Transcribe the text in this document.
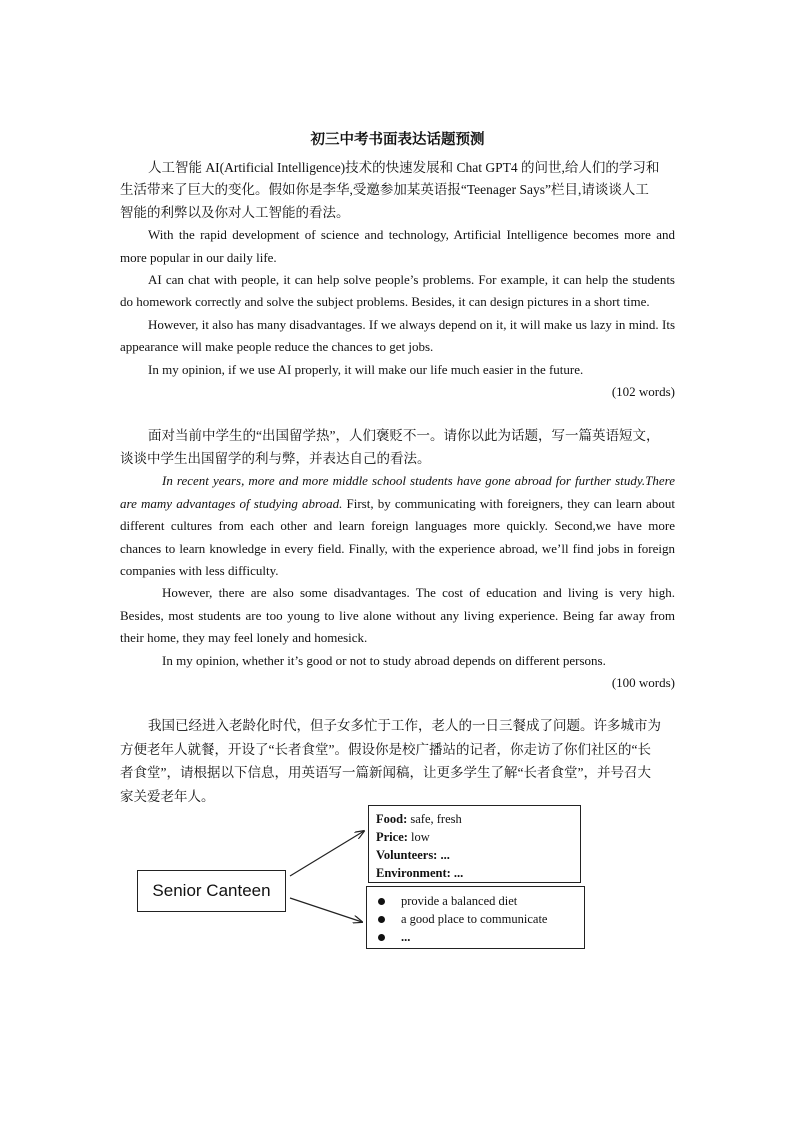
初三中考书面表达话题预测

人工智能 AI(Artificial Intelligence)技术的快速发展和 Chat GPT4 的问世,给人们的学习和

生活带来了巨大的变化。假如你是李华,受邀参加某英语报“Teenager Says”栏目,请谈谈人工

智能的利弊以及你对人工智能的看法。

With the rapid development of science and technology, Artificial Intelligence becomes more and more popular in our daily life.

AI can chat with people, it can help solve people’s problems. For example, it can help the students do homework correctly and solve the subject problems. Besides, it can design pictures in a short time.

However, it also has many disadvantages. If we always depend on it, it will make us lazy in mind. Its appearance will make people reduce the chances to get jobs.

In my opinion, if we use AI properly, it will make our life much easier in the future.

(102 words)

面对当前中学生的“出国留学热”，人们褒贬不一。请你以此为话题，写一篇英语短文，

谈谈中学生出国留学的利与弊，并表达自己的看法。

In recent years, more and more middle school students have gone abroad for further study.There are mamy advantages of studying abroad. First, by communicating with foreigners, they can learn about different cultures from each other and learn foreign languages more quickly. Second,we have more chances to learn knowledge in every field. Finally, with the experience abroad, we’ll find jobs in foreign companies with less difficulty.

However, there are also some disadvantages. The cost of education and living is very high. Besides, most students are too young to live alone without any living experience. Being far away from their home, they may feel lonely and homesick.

In my opinion, whether it’s good or not to study abroad depends on different persons.

(100 words)

我国已经进入老龄化时代，但子女多忙于工作，老人的一日三餐成了问题。许多城市为

方便老年人就餐，开设了“长者食堂”。假设你是校广播站的记者，你走访了你们社区的“长

者食堂”，请根据以下信息，用英语写一篇新闻稿，让更多学生了解“长者食堂”，并号召大

家关爱老年人。

Senior Canteen
Food: safe, fresh
Price: low
Volunteers: ...
Environment: ...
provide a balanced diet
a good place to communicate
...
